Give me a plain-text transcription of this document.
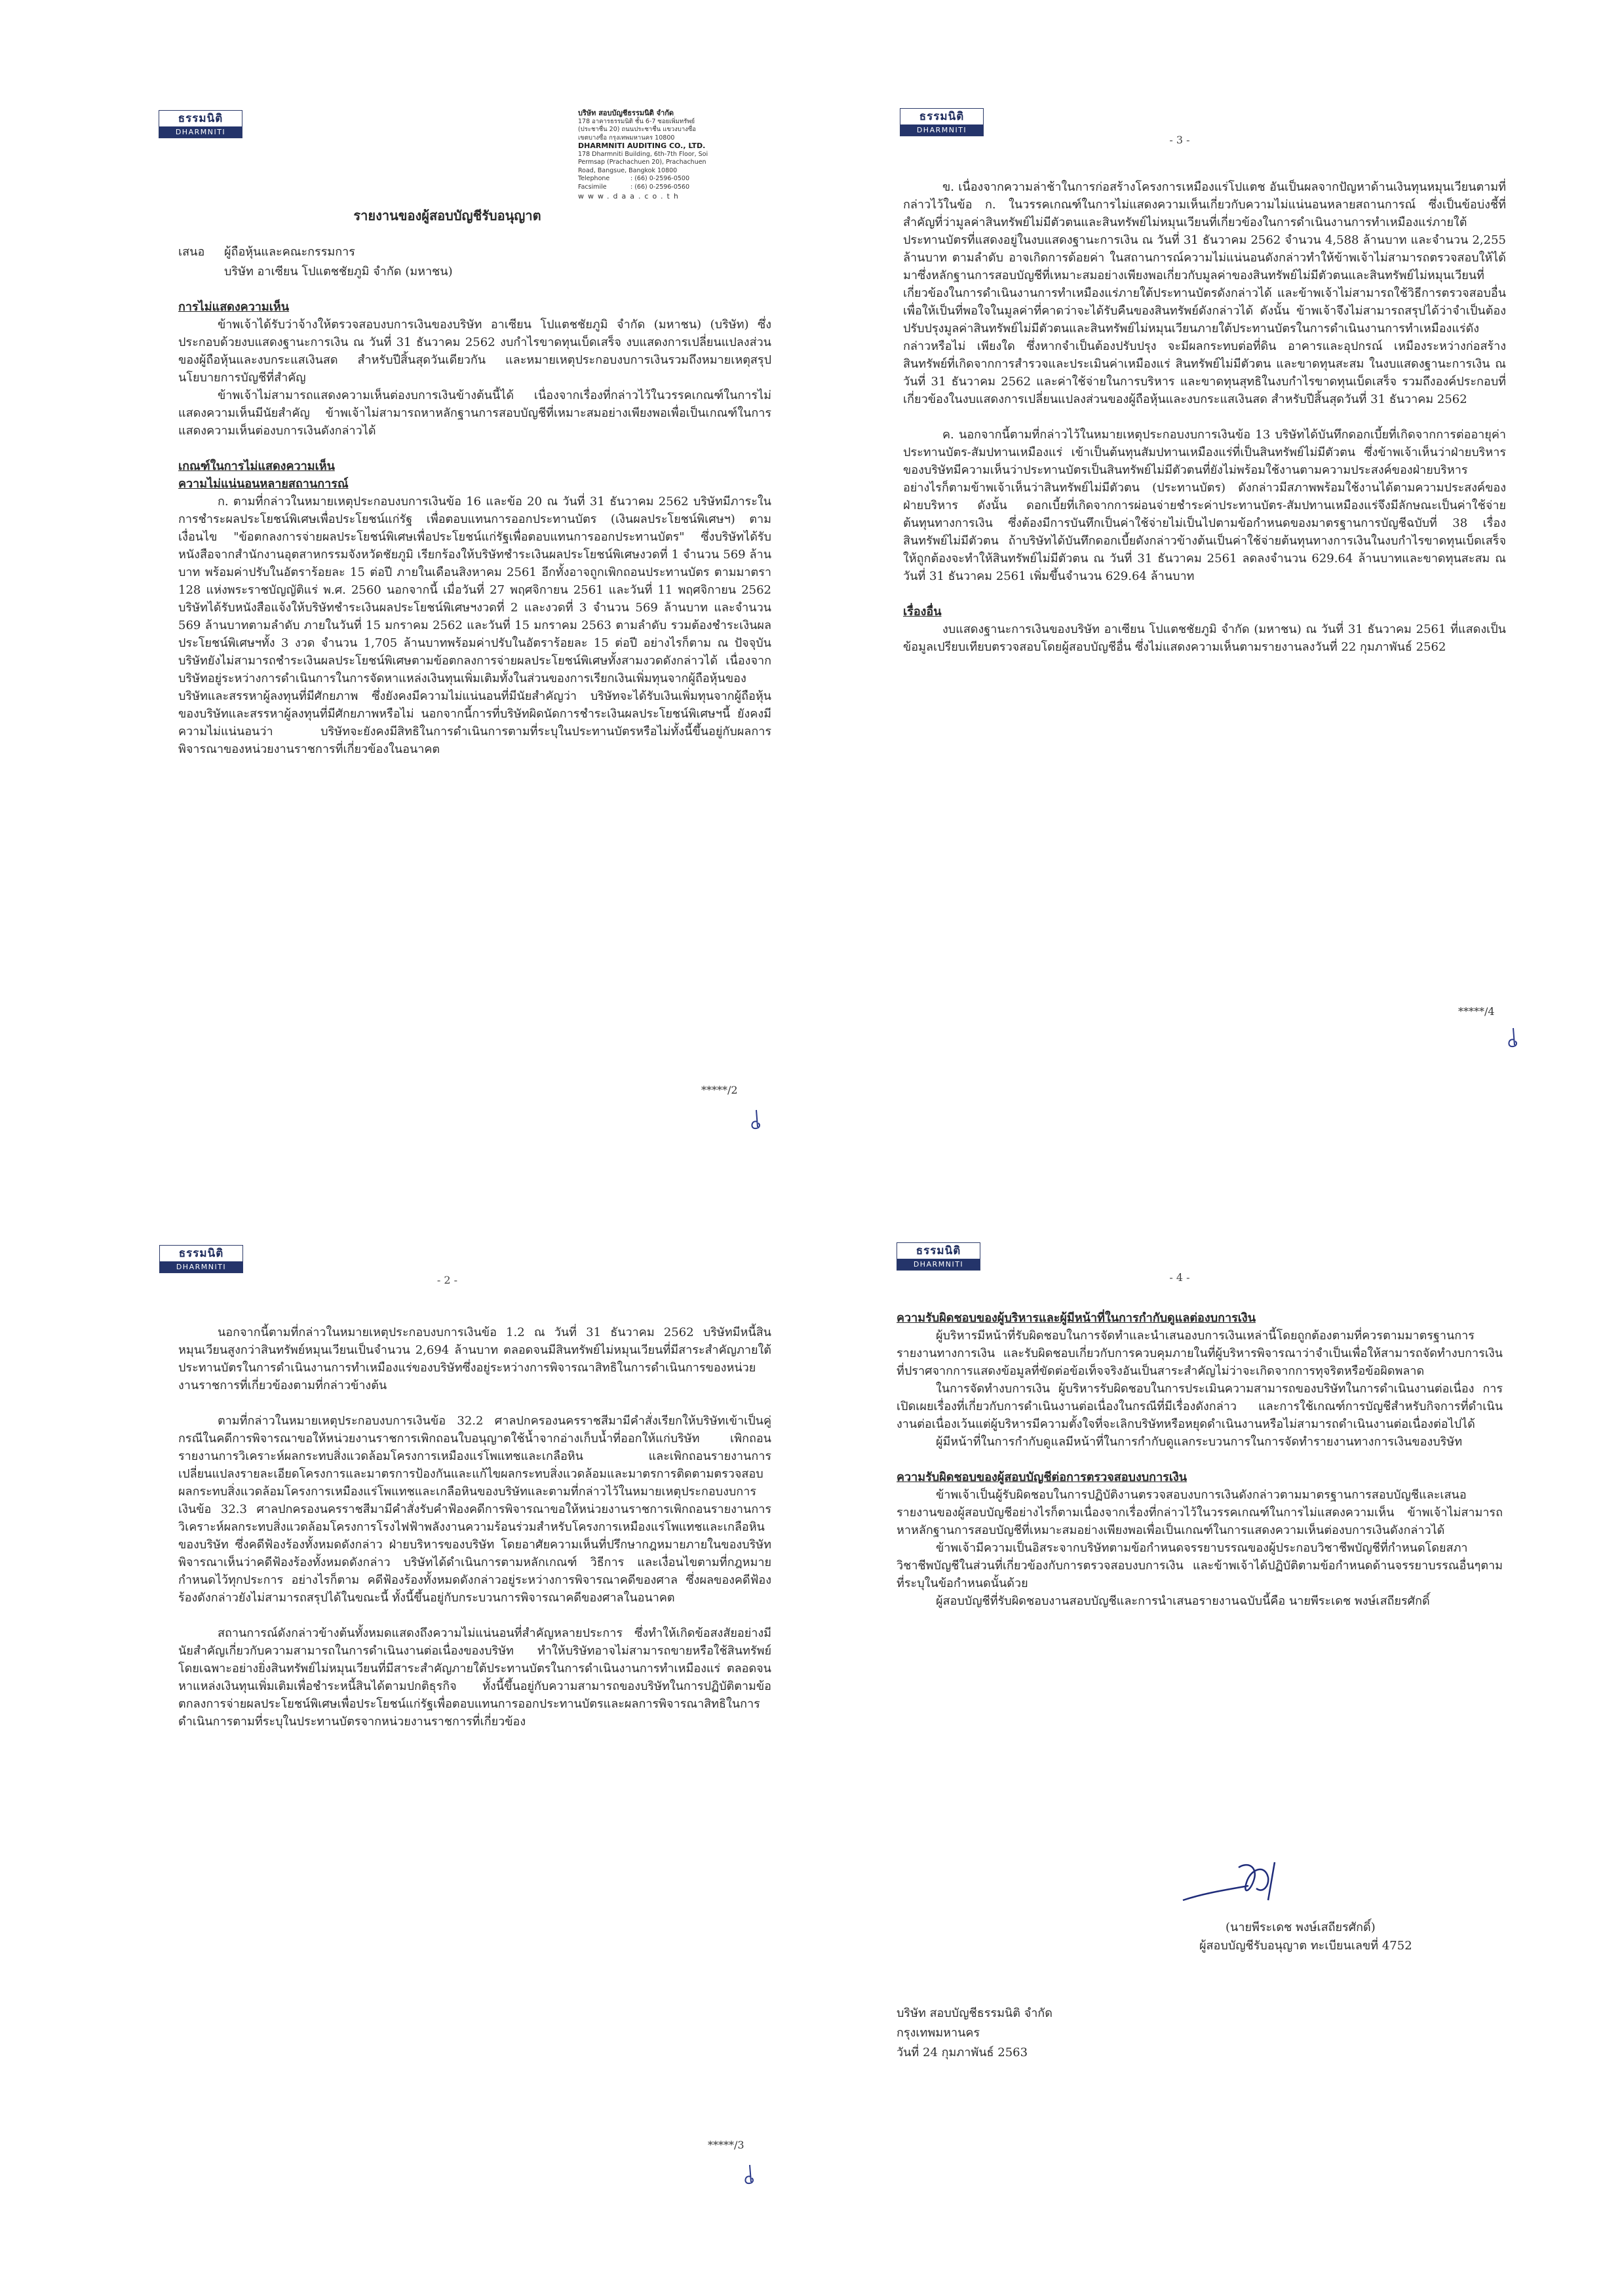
ธรรมนิติ
DHARMNITI
บริษัท สอบบัญชีธรรมนิติ จำกัด
178 อาคารธรรมนิติ ชั้น 6-7 ซอยเพิ่มทรัพย์
(ประชาชื่น 20) ถนนประชาชื่น แขวงบางซื่อ
เขตบางซื่อ กรุงเทพมหานคร 10800
DHARMNITI AUDITING CO., LTD.
178 Dharmniti Building, 6th-7th Floor, Soi
Permsap (Prachachuen 20), Prachachuen
Road, Bangsue, Bangkok 10800
Telephone	: (66) 0-2596-0500
Facsimile	: (66) 0-2596-0560
www.daa.co.th
รายงานของผู้สอบบัญชีรับอนุญาต
เสนอ	ผู้ถือหุ้นและคณะกรรมการ
บริษัท อาเซียน โปแตชชัยภูมิ จำกัด (มหาชน)
การไม่แสดงความเห็น

ข้าพเจ้าได้รับว่าจ้างให้ตรวจสอบงบการเงินของบริษัท อาเซียน โปแตชชัยภูมิ จำกัด (มหาชน) (บริษัท) ซึ่งประกอบด้วยงบแสดงฐานะการเงิน ณ วันที่ 31 ธันวาคม 2562 งบกำไรขาดทุนเบ็ดเสร็จ งบแสดงการเปลี่ยนแปลงส่วนของผู้ถือหุ้นและงบกระแสเงินสด สำหรับปีสิ้นสุดวันเดียวกัน และหมายเหตุประกอบงบการเงินรวมถึงหมายเหตุสรุปนโยบายการบัญชีที่สำคัญ

ข้าพเจ้าไม่สามารถแสดงความเห็นต่องบการเงินข้างต้นนี้ได้ เนื่องจากเรื่องที่กล่าวไว้ในวรรคเกณฑ์ในการไม่แสดงความเห็นมีนัยสำคัญ ข้าพเจ้าไม่สามารถหาหลักฐานการสอบบัญชีที่เหมาะสมอย่างเพียงพอเพื่อเป็นเกณฑ์ในการแสดงความเห็นต่องบการเงินดังกล่าวได้

เกณฑ์ในการไม่แสดงความเห็น
ความไม่แน่นอนหลายสถานการณ์

ก. ตามที่กล่าวในหมายเหตุประกอบงบการเงินข้อ 16 และข้อ 20 ณ วันที่ 31 ธันวาคม 2562 บริษัทมีภาระในการชำระผลประโยชน์พิเศษเพื่อประโยชน์แก่รัฐ เพื่อตอบแทนการออกประทานบัตร (เงินผลประโยชน์พิเศษฯ) ตามเงื่อนไข "ข้อตกลงการจ่ายผลประโยชน์พิเศษเพื่อประโยชน์แก่รัฐเพื่อตอบแทนการออกประทานบัตร" ซึ่งบริษัทได้รับหนังสือจากสำนักงานอุตสาหกรรมจังหวัดชัยภูมิ เรียกร้องให้บริษัทชำระเงินผลประโยชน์พิเศษงวดที่ 1 จำนวน 569 ล้านบาท พร้อมค่าปรับในอัตราร้อยละ 15 ต่อปี ภายในเดือนสิงหาคม 2561 อีกทั้งอาจถูกเพิกถอนประทานบัตร ตามมาตรา 128 แห่งพระราชบัญญัติแร่ พ.ศ. 2560 นอกจากนี้ เมื่อวันที่ 27 พฤศจิกายน 2561 และวันที่ 11 พฤศจิกายน 2562 บริษัทได้รับหนังสือแจ้งให้บริษัทชำระเงินผลประโยชน์พิเศษฯงวดที่ 2 และงวดที่ 3 จำนวน 569 ล้านบาท และจำนวน 569 ล้านบาทตามลำดับ ภายในวันที่ 15 มกราคม 2562 และวันที่ 15 มกราคม 2563 ตามลำดับ รวมต้องชำระเงินผลประโยชน์พิเศษฯทั้ง 3 งวด จำนวน 1,705 ล้านบาทพร้อมค่าปรับในอัตราร้อยละ 15 ต่อปี อย่างไรก็ตาม ณ ปัจจุบันบริษัทยังไม่สามารถชำระเงินผลประโยชน์พิเศษตามข้อตกลงการจ่ายผลประโยชน์พิเศษทั้งสามงวดดังกล่าวได้ เนื่องจากบริษัทอยู่ระหว่างการดำเนินการในการจัดหาแหล่งเงินทุนเพิ่มเติมทั้งในส่วนของการเรียกเงินเพิ่มทุนจากผู้ถือหุ้นของบริษัทและสรรหาผู้ลงทุนที่มีศักยภาพ ซึ่งยังคงมีความไม่แน่นอนที่มีนัยสำคัญว่า บริษัทจะได้รับเงินเพิ่มทุนจากผู้ถือหุ้นของบริษัทและสรรหาผู้ลงทุนที่มีศักยภาพหรือไม่ นอกจากนี้การที่บริษัทผิดนัดการชำระเงินผลประโยชน์พิเศษฯนี้ ยังคงมีความไม่แน่นอนว่า บริษัทจะยังคงมีสิทธิในการดำเนินการตามที่ระบุในประทานบัตรหรือไม่ทั้งนี้ขึ้นอยู่กับผลการพิจารณาของหน่วยงานราชการที่เกี่ยวข้องในอนาคต

*****/2
ธรรมนิติ
DHARMNITI
- 3 -

ข. เนื่องจากความล่าช้าในการก่อสร้างโครงการเหมืองแร่โปแตช อันเป็นผลจากปัญหาด้านเงินทุนหมุนเวียนตามที่กล่าวไว้ในข้อ ก. ในวรรคเกณฑ์ในการไม่แสดงความเห็นเกี่ยวกับความไม่แน่นอนหลายสถานการณ์ ซึ่งเป็นข้อบ่งชี้ที่สำคัญที่ว่ามูลค่าสินทรัพย์ไม่มีตัวตนและสินทรัพย์ไม่หมุนเวียนที่เกี่ยวข้องในการดำเนินงานการทำเหมืองแร่ภายใต้ประทานบัตรที่แสดงอยู่ในงบแสดงฐานะการเงิน ณ วันที่ 31 ธันวาคม 2562 จำนวน 4,588 ล้านบาท และจำนวน 2,255 ล้านบาท ตามลำดับ อาจเกิดการด้อยค่า ในสถานการณ์ความไม่แน่นอนดังกล่าวทำให้ข้าพเจ้าไม่สามารถตรวจสอบให้ได้มาซึ่งหลักฐานการสอบบัญชีที่เหมาะสมอย่างเพียงพอเกี่ยวกับมูลค่าของสินทรัพย์ไม่มีตัวตนและสินทรัพย์ไม่หมุนเวียนที่เกี่ยวข้องในการดำเนินงานการทำเหมืองแร่ภายใต้ประทานบัตรดังกล่าวได้ และข้าพเจ้าไม่สามารถใช้วิธีการตรวจสอบอื่นเพื่อให้เป็นที่พอใจในมูลค่าที่คาดว่าจะได้รับคืนของสินทรัพย์ดังกล่าวได้ ดังนั้น ข้าพเจ้าจึงไม่สามารถสรุปได้ว่าจำเป็นต้องปรับปรุงมูลค่าสินทรัพย์ไม่มีตัวตนและสินทรัพย์ไม่หมุนเวียนภายใต้ประทานบัตรในการดำเนินงานการทำเหมืองแร่ดังกล่าวหรือไม่ เพียงใด ซึ่งหากจำเป็นต้องปรับปรุง จะมีผลกระทบต่อที่ดิน อาคารและอุปกรณ์ เหมืองระหว่างก่อสร้าง สินทรัพย์ที่เกิดจากการสำรวจและประเมินค่าเหมืองแร่ สินทรัพย์ไม่มีตัวตน และขาดทุนสะสม ในงบแสดงฐานะการเงิน ณ วันที่ 31 ธันวาคม 2562 และค่าใช้จ่ายในการบริหาร และขาดทุนสุทธิในงบกำไรขาดทุนเบ็ดเสร็จ รวมถึงองค์ประกอบที่เกี่ยวข้องในงบแสดงการเปลี่ยนแปลงส่วนของผู้ถือหุ้นและงบกระแสเงินสด สำหรับปีสิ้นสุดวันที่ 31 ธันวาคม 2562

ค. นอกจากนี้ตามที่กล่าวไว้ในหมายเหตุประกอบงบการเงินข้อ 13 บริษัทได้บันทึกดอกเบี้ยที่เกิดจากการต่ออายุค่าประทานบัตร-สัมปทานเหมืองแร่ เข้าเป็นต้นทุนสัมปทานเหมืองแร่ที่เป็นสินทรัพย์ไม่มีตัวตน ซึ่งข้าพเจ้าเห็นว่าฝ่ายบริหารของบริษัทมีความเห็นว่าประทานบัตรเป็นสินทรัพย์ไม่มีตัวตนที่ยังไม่พร้อมใช้งานตามความประสงค์ของฝ่ายบริหาร อย่างไรก็ตามข้าพเจ้าเห็นว่าสินทรัพย์ไม่มีตัวตน (ประทานบัตร) ดังกล่าวมีสภาพพร้อมใช้งานได้ตามความประสงค์ของฝ่ายบริหาร ดังนั้น ดอกเบี้ยที่เกิดจากการผ่อนจ่ายชำระค่าประทานบัตร-สัมปทานเหมืองแร่จึงมีลักษณะเป็นค่าใช้จ่ายต้นทุนทางการเงิน ซึ่งต้องมีการบันทึกเป็นค่าใช้จ่ายไม่เป็นไปตามข้อกำหนดของมาตรฐานการบัญชีฉบับที่ 38 เรื่องสินทรัพย์ไม่มีตัวตน ถ้าบริษัทได้บันทึกดอกเบี้ยดังกล่าวข้างต้นเป็นค่าใช้จ่ายต้นทุนทางการเงินในงบกำไรขาดทุนเบ็ดเสร็จให้ถูกต้องจะทำให้สินทรัพย์ไม่มีตัวตน ณ วันที่ 31 ธันวาคม 2561 ลดลงจำนวน 629.64 ล้านบาทและขาดทุนสะสม ณ วันที่ 31 ธันวาคม 2561 เพิ่มขึ้นจำนวน 629.64 ล้านบาท

เรื่องอื่น

งบแสดงฐานะการเงินของบริษัท อาเซียน โปแตชชัยภูมิ จำกัด (มหาชน) ณ วันที่ 31 ธันวาคม 2561 ที่แสดงเป็นข้อมูลเปรียบเทียบตรวจสอบโดยผู้สอบบัญชีอื่น ซึ่งไม่แสดงความเห็นตามรายงานลงวันที่ 22 กุมภาพันธ์ 2562

*****/4
ธรรมนิติ
DHARMNITI
- 2 -

นอกจากนี้ตามที่กล่าวในหมายเหตุประกอบงบการเงินข้อ 1.2 ณ วันที่ 31 ธันวาคม 2562 บริษัทมีหนี้สินหมุนเวียนสูงกว่าสินทรัพย์หมุนเวียนเป็นจำนวน 2,694 ล้านบาท ตลอดจนมีสินทรัพย์ไม่หมุนเวียนที่มีสาระสำคัญภายใต้ประทานบัตรในการดำเนินงานการทำเหมืองแร่ของบริษัทซึ่งอยู่ระหว่างการพิจารณาสิทธิในการดำเนินการของหน่วยงานราชการที่เกี่ยวข้องตามที่กล่าวข้างต้น

ตามที่กล่าวในหมายเหตุประกอบงบการเงินข้อ 32.2 ศาลปกครองนครราชสีมามีคำสั่งเรียกให้บริษัทเข้าเป็นคู่กรณีในคดีการพิจารณาขอให้หน่วยงานราชการเพิกถอนใบอนุญาตใช้น้ำจากอ่างเก็บน้ำที่ออกให้แก่บริษัท เพิกถอนรายงานการวิเคราะห์ผลกระทบสิ่งแวดล้อมโครงการเหมืองแร่โพแทชและเกลือหิน และเพิกถอนรายงานการเปลี่ยนแปลงรายละเอียดโครงการและมาตรการป้องกันและแก้ไขผลกระทบสิ่งแวดล้อมและมาตรการติดตามตรวจสอบผลกระทบสิ่งแวดล้อมโครงการเหมืองแร่โพแทชและเกลือหินของบริษัทและตามที่กล่าวไว้ในหมายเหตุประกอบงบการเงินข้อ 32.3 ศาลปกครองนครราชสีมามีคำสั่งรับคำฟ้องคดีการพิจารณาขอให้หน่วยงานราชการเพิกถอนรายงานการวิเคราะห์ผลกระทบสิ่งแวดล้อมโครงการโรงไฟฟ้าพลังงานความร้อนร่วมสำหรับโครงการเหมืองแร่โพแทชและเกลือหินของบริษัท ซึ่งคดีฟ้องร้องทั้งหมดดังกล่าว ฝ่ายบริหารของบริษัท โดยอาศัยความเห็นที่ปรึกษากฎหมายภายในของบริษัท พิจารณาเห็นว่าคดีฟ้องร้องทั้งหมดดังกล่าว บริษัทได้ดำเนินการตามหลักเกณฑ์ วิธีการ และเงื่อนไขตามที่กฎหมายกำหนดไว้ทุกประการ อย่างไรก็ตาม คดีฟ้องร้องทั้งหมดดังกล่าวอยู่ระหว่างการพิจารณาคดีของศาล ซึ่งผลของคดีฟ้องร้องดังกล่าวยังไม่สามารถสรุปได้ในขณะนี้ ทั้งนี้ขึ้นอยู่กับกระบวนการพิจารณาคดีของศาลในอนาคต

สถานการณ์ดังกล่าวข้างต้นทั้งหมดแสดงถึงความไม่แน่นอนที่สำคัญหลายประการ ซึ่งทำให้เกิดข้อสงสัยอย่างมีนัยสำคัญเกี่ยวกับความสามารถในการดำเนินงานต่อเนื่องของบริษัท ทำให้บริษัทอาจไม่สามารถขายหรือใช้สินทรัพย์โดยเฉพาะอย่างยิ่งสินทรัพย์ไม่หมุนเวียนที่มีสาระสำคัญภายใต้ประทานบัตรในการดำเนินงานการทำเหมืองแร่ ตลอดจนหาแหล่งเงินทุนเพิ่มเติมเพื่อชำระหนี้สินได้ตามปกติธุรกิจ ทั้งนี้ขึ้นอยู่กับความสามารถของบริษัทในการปฏิบัติตามข้อตกลงการจ่ายผลประโยชน์พิเศษเพื่อประโยชน์แก่รัฐเพื่อตอบแทนการออกประทานบัตรและผลการพิจารณาสิทธิในการดำเนินการตามที่ระบุในประทานบัตรจากหน่วยงานราชการที่เกี่ยวข้อง

*****/3
ธรรมนิติ
DHARMNITI
- 4 -
ความรับผิดชอบของผู้บริหารและผู้มีหน้าที่ในการกำกับดูแลต่องบการเงิน

ผู้บริหารมีหน้าที่รับผิดชอบในการจัดทำและนำเสนองบการเงินเหล่านี้โดยถูกต้องตามที่ควรตามมาตรฐานการรายงานทางการเงิน และรับผิดชอบเกี่ยวกับการควบคุมภายในที่ผู้บริหารพิจารณาว่าจำเป็นเพื่อให้สามารถจัดทำงบการเงินที่ปราศจากการแสดงข้อมูลที่ขัดต่อข้อเท็จจริงอันเป็นสาระสำคัญไม่ว่าจะเกิดจากการทุจริตหรือข้อผิดพลาด

ในการจัดทำงบการเงิน ผู้บริหารรับผิดชอบในการประเมินความสามารถของบริษัทในการดำเนินงานต่อเนื่อง การเปิดเผยเรื่องที่เกี่ยวกับการดำเนินงานต่อเนื่องในกรณีที่มีเรื่องดังกล่าว และการใช้เกณฑ์การบัญชีสำหรับกิจการที่ดำเนินงานต่อเนื่องเว้นแต่ผู้บริหารมีความตั้งใจที่จะเลิกบริษัทหรือหยุดดำเนินงานหรือไม่สามารถดำเนินงานต่อเนื่องต่อไปได้

ผู้มีหน้าที่ในการกำกับดูแลมีหน้าที่ในการกำกับดูแลกระบวนการในการจัดทำรายงานทางการเงินของบริษัท

ความรับผิดชอบของผู้สอบบัญชีต่อการตรวจสอบงบการเงิน

ข้าพเจ้าเป็นผู้รับผิดชอบในการปฏิบัติงานตรวจสอบงบการเงินดังกล่าวตามมาตรฐานการสอบบัญชีและเสนอรายงานของผู้สอบบัญชีอย่างไรก็ตามเนื่องจากเรื่องที่กล่าวไว้ในวรรคเกณฑ์ในการไม่แสดงความเห็น ข้าพเจ้าไม่สามารถหาหลักฐานการสอบบัญชีที่เหมาะสมอย่างเพียงพอเพื่อเป็นเกณฑ์ในการแสดงความเห็นต่องบการเงินดังกล่าวได้

ข้าพเจ้ามีความเป็นอิสระจากบริษัทตามข้อกำหนดจรรยาบรรณของผู้ประกอบวิชาชีพบัญชีที่กำหนดโดยสภาวิชาชีพบัญชีในส่วนที่เกี่ยวข้องกับการตรวจสอบงบการเงิน และข้าพเจ้าได้ปฏิบัติตามข้อกำหนดด้านจรรยาบรรณอื่นๆตามที่ระบุในข้อกำหนดนั้นด้วย

ผู้สอบบัญชีที่รับผิดชอบงานสอบบัญชีและการนำเสนอรายงานฉบับนี้คือ นายพีระเดช พงษ์เสถียรศักดิ์

(นายพีระเดช พงษ์เสถียรศักดิ์)
ผู้สอบบัญชีรับอนุญาต ทะเบียนเลขที่ 4752
บริษัท สอบบัญชีธรรมนิติ จำกัด
กรุงเทพมหานคร
วันที่ 24 กุมภาพันธ์ 2563
